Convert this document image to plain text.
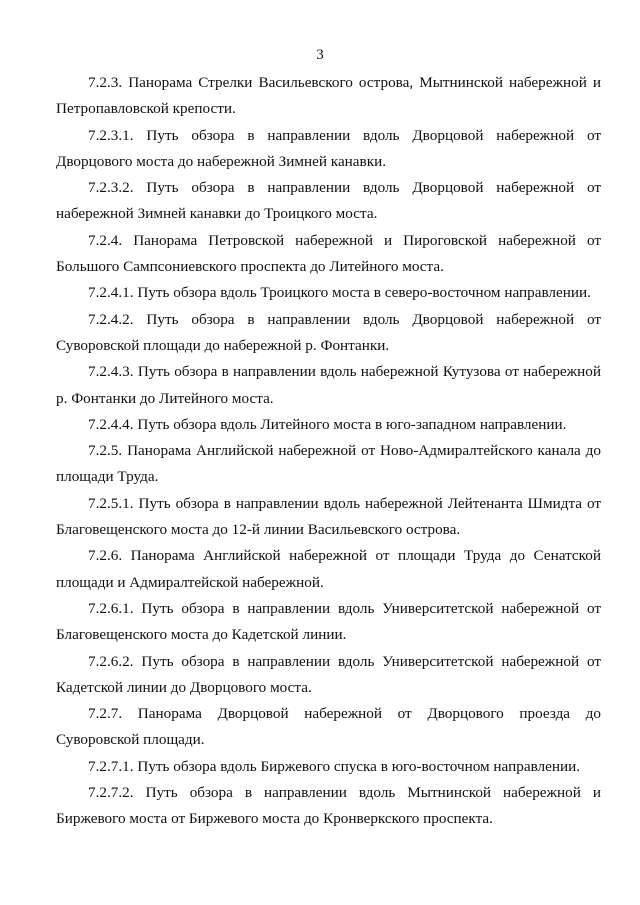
3

7.2.3. Панорама Стрелки Васильевского острова, Мытнинской набережной и Петропавловской крепости.

7.2.3.1. Путь обзора в направлении вдоль Дворцовой набережной от Дворцового моста до набережной Зимней канавки.

7.2.3.2. Путь обзора в направлении вдоль Дворцовой набережной от набережной Зимней канавки до Троицкого моста.

7.2.4. Панорама Петровской набережной и Пироговской набережной от Большого Сампсониевского проспекта до Литейного моста.

7.2.4.1. Путь обзора вдоль Троицкого моста в северо-восточном направлении.

7.2.4.2. Путь обзора в направлении вдоль Дворцовой набережной от Суворовской площади до набережной р. Фонтанки.

7.2.4.3. Путь обзора в направлении вдоль набережной Кутузова от набережной р. Фонтанки до Литейного моста.

7.2.4.4. Путь обзора вдоль Литейного моста в юго-западном направлении.

7.2.5. Панорама Английской набережной от Ново-Адмиралтейского канала до площади Труда.

7.2.5.1. Путь обзора в направлении вдоль набережной Лейтенанта Шмидта от Благовещенского моста до 12-й линии Васильевского острова.

7.2.6. Панорама Английской набережной от площади Труда до Сенатской площади и Адмиралтейской набережной.

7.2.6.1. Путь обзора в направлении вдоль Университетской набережной от Благовещенского моста до Кадетской линии.

7.2.6.2. Путь обзора в направлении вдоль Университетской набережной от Кадетской линии до Дворцового моста.

7.2.7. Панорама Дворцовой набережной от Дворцового проезда до Суворовской площади.

7.2.7.1. Путь обзора вдоль Биржевого спуска в юго-восточном направлении.

7.2.7.2. Путь обзора в направлении вдоль Мытнинской набережной и Биржевого моста от Биржевого моста до Кронверкского проспекта.
